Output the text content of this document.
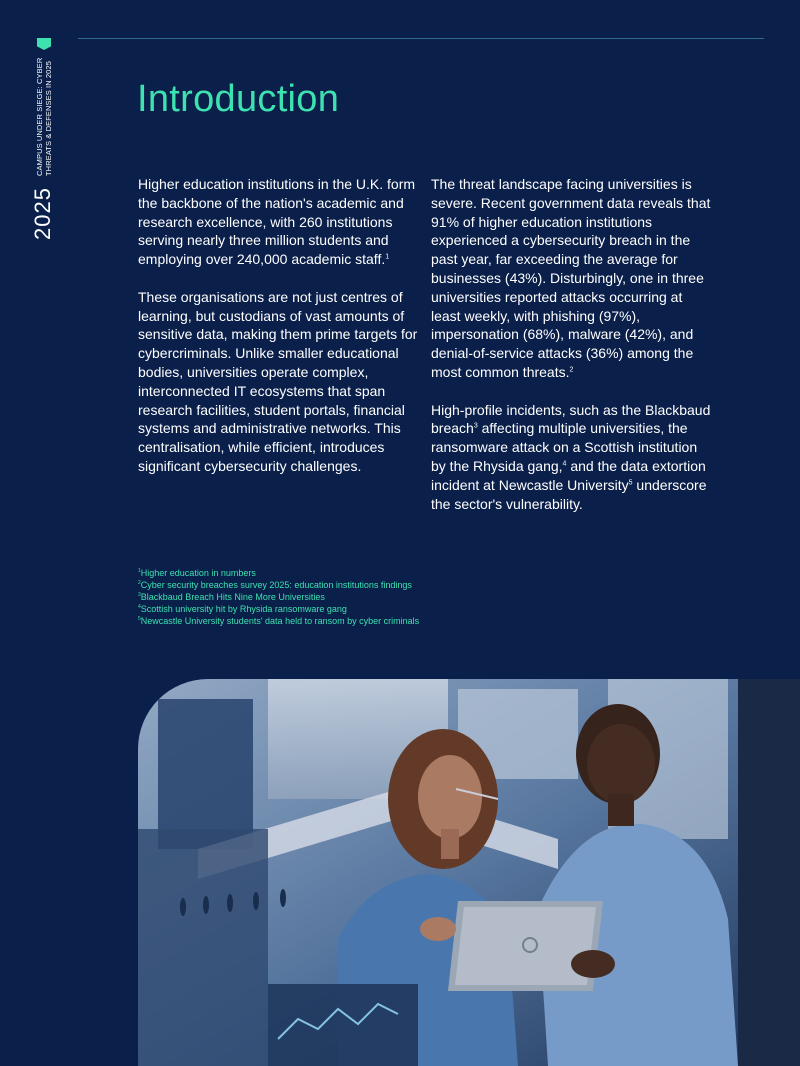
CAMPUS UNDER SIEGE: CYBER THREATS & DEFENSES IN 2025
2025
Introduction

Higher education institutions in the U.K. form the backbone of the nation's academic and research excellence, with 260 institutions serving nearly three million students and employing over 240,000 academic staff.$^1$

These organisations are not just centres of learning, but custodians of vast amounts of sensitive data, making them prime targets for cybercriminals. Unlike smaller educational bodies, universities operate complex, interconnected IT ecosystems that span research facilities, student portals, financial systems and administrative networks. This centralisation, while efficient, introduces significant cybersecurity challenges.

The threat landscape facing universities is severe. Recent government data reveals that 91% of higher education institutions experienced a cybersecurity breach in the past year, far exceeding the average for businesses (43%). Disturbingly, one in three universities reported attacks occurring at least weekly, with phishing (97%), impersonation (68%), malware (42%), and denial-of-service attacks (36%) among the most common threats.$^2$

High-profile incidents, such as the Blackbaud breach$^3$ affecting multiple universities, the ransomware attack on a Scottish institution by the Rhysida gang,$^4$ and the data extortion incident at Newcastle University$^5$ underscore the sector's vulnerability.

$^1$Higher education in numbers
$^2$Cyber security breaches survey 2025: education institutions findings
$^3$Blackbaud Breach Hits Nine More Universities
$^4$Scottish university hit by Rhysida ransomware gang
$^5$Newcastle University students' data held to ransom by cyber criminals
